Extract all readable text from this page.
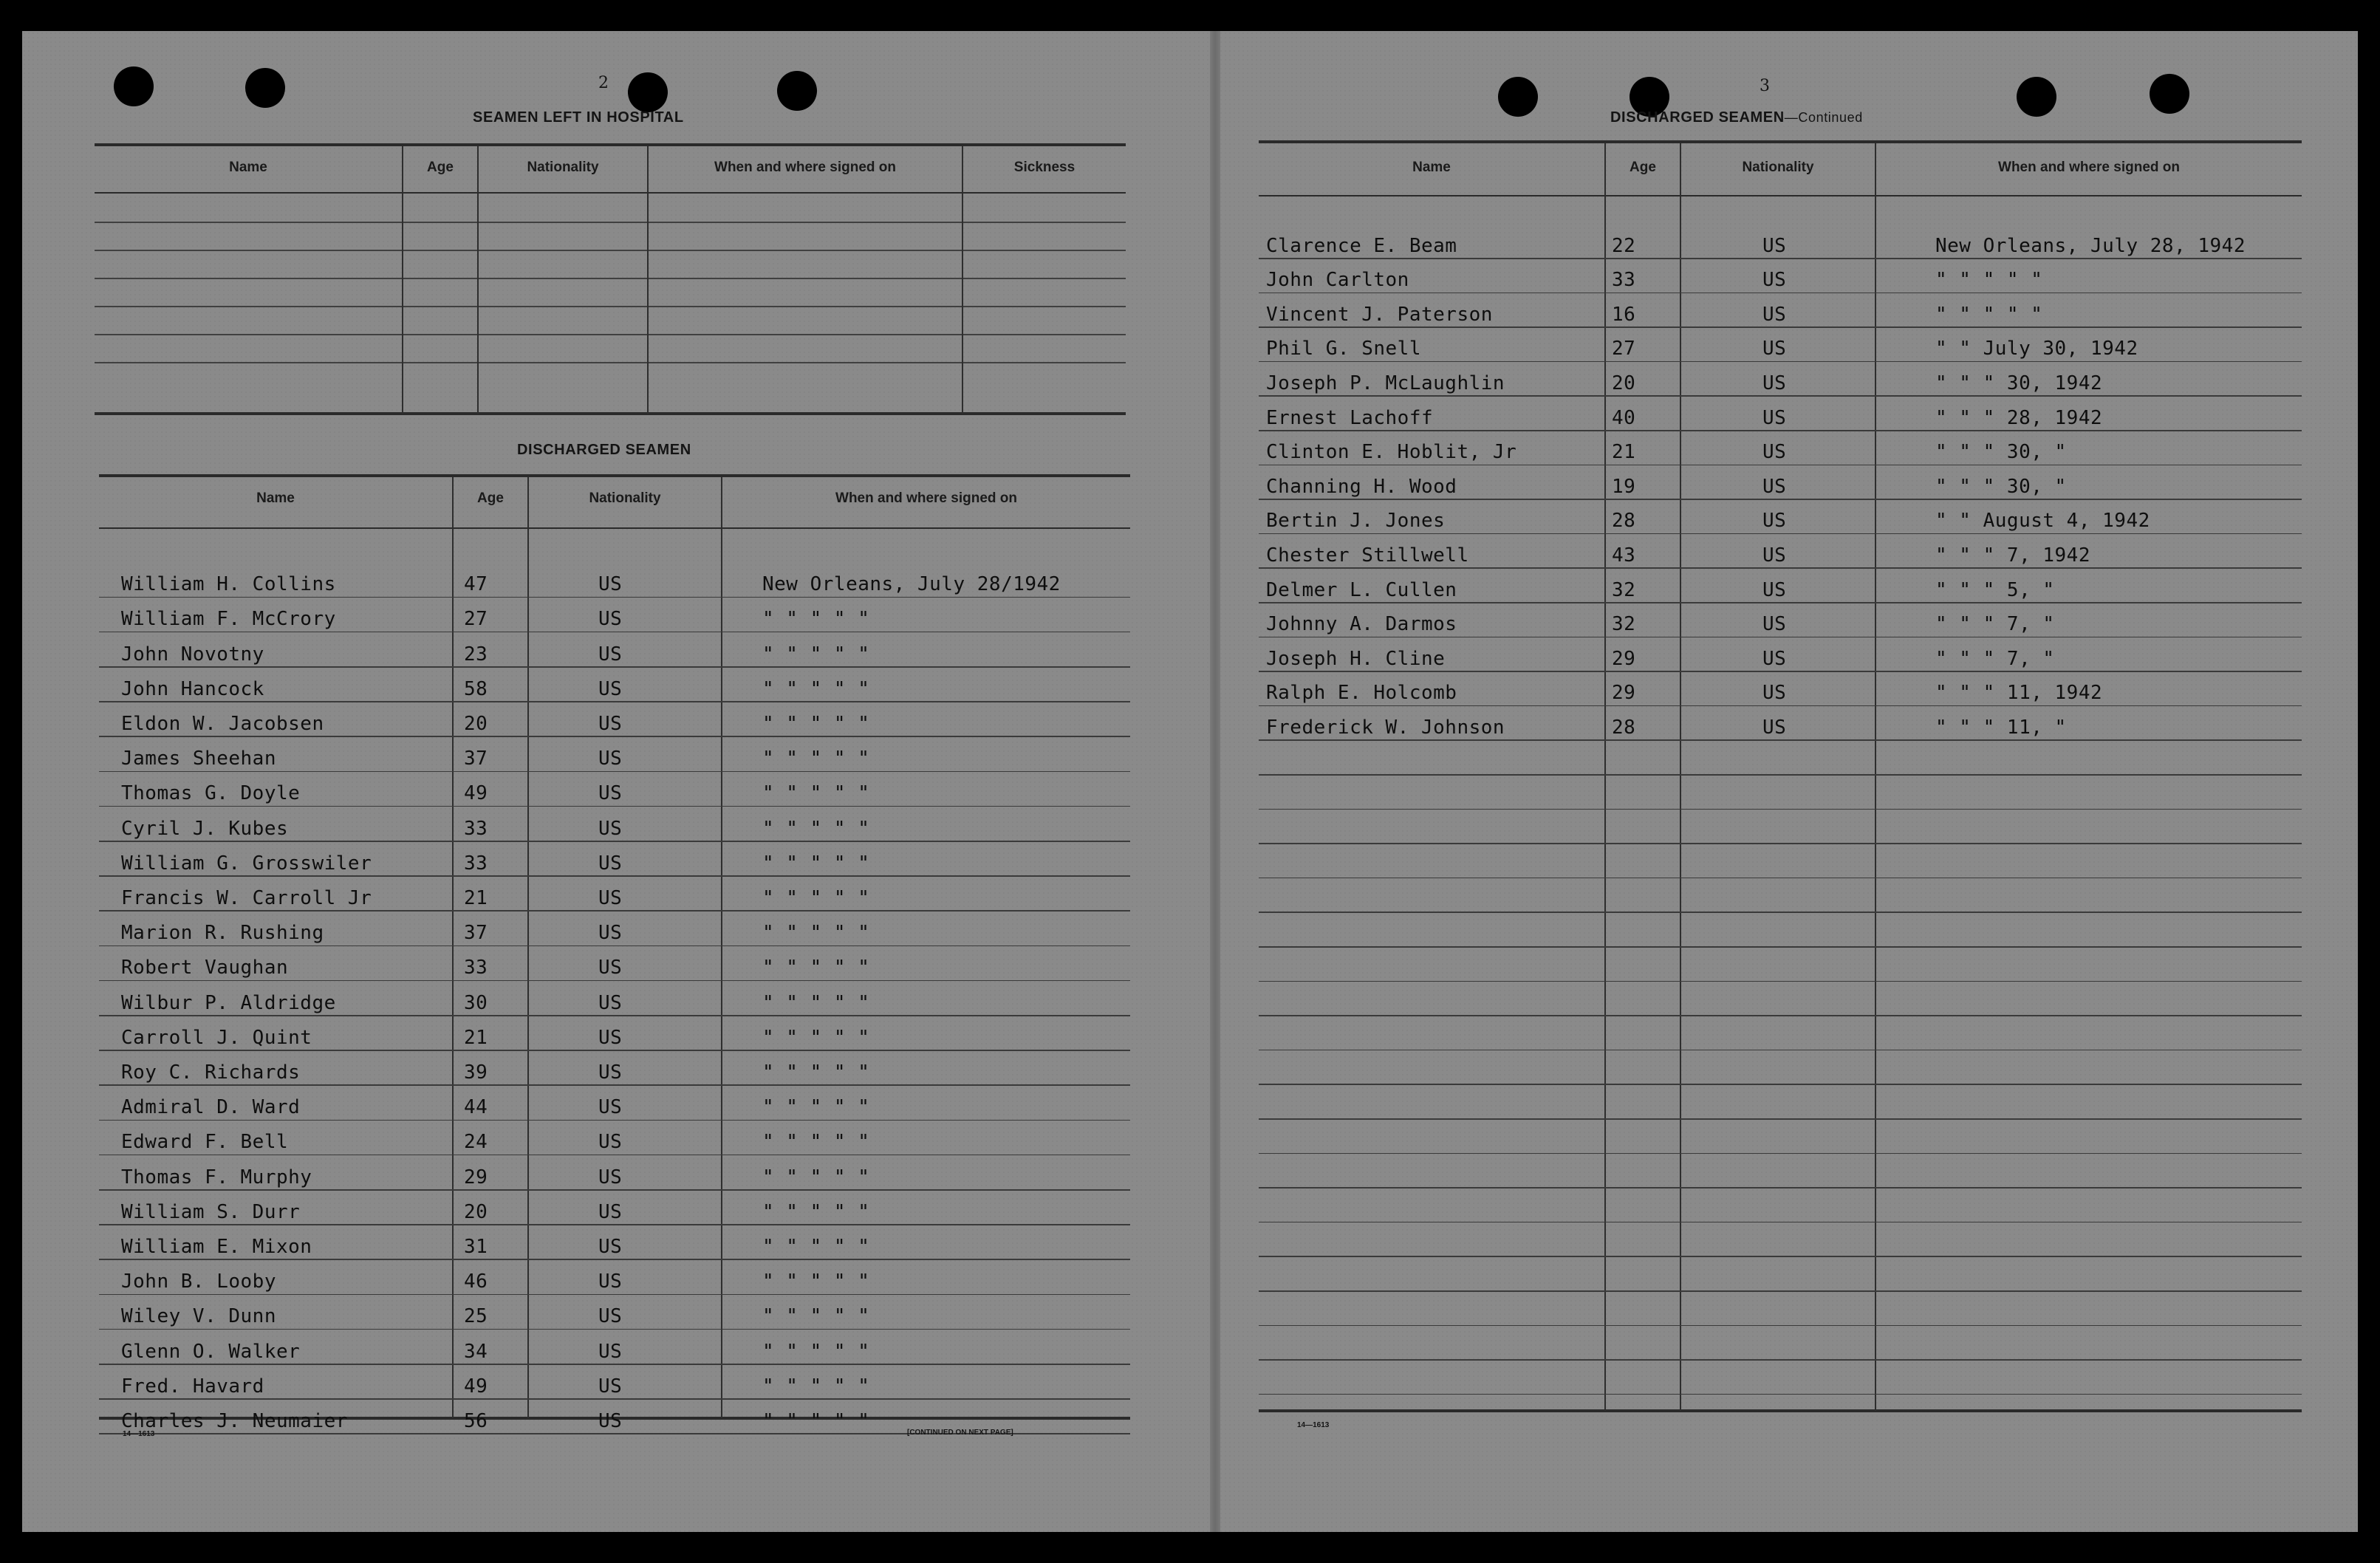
2
SEAMEN LEFT IN HOSPITAL
Name	Age	Nationality	When and where signed on	Sickness
DISCHARGED SEAMEN
Name	Age	Nationality	When and where signed on
William H. Collins	47	US	New Orleans, July 28/1942
William F. McCrory	27	US	" " " " "
John Novotny	23	US	" " " " "
John Hancock	58	US	" " " " "
Eldon W. Jacobsen	20	US	" " " " "
James Sheehan	37	US	" " " " "
Thomas G. Doyle	49	US	" " " " "
Cyril J. Kubes	33	US	" " " " "
William G. Grosswiler	33	US	" " " " "
Francis W. Carroll Jr	21	US	" " " " "
Marion R. Rushing	37	US	" " " " "
Robert Vaughan	33	US	" " " " "
Wilbur P. Aldridge	30	US	" " " " "
Carroll J. Quint	21	US	" " " " "
Roy C. Richards	39	US	" " " " "
Admiral D. Ward	44	US	" " " " "
Edward F. Bell	24	US	" " " " "
Thomas F. Murphy	29	US	" " " " "
William S. Durr	20	US	" " " " "
William E. Mixon	31	US	" " " " "
John B. Looby	46	US	" " " " "
Wiley V. Dunn	25	US	" " " " "
Glenn O. Walker	34	US	" " " " "
Fred. Havard	49	US	" " " " "
Charles J. Neumaier	56	US	" " " " "
14—1613	[CONTINUED ON NEXT PAGE]
3
DISCHARGED SEAMEN—Continued
Name	Age	Nationality	When and where signed on
Clarence E. Beam	22	US	New Orleans, July 28, 1942
John Carlton	33	US	" " " " "
Vincent J. Paterson	16	US	" " " " "
Phil G. Snell	27	US	" " July 30, 1942
Joseph P. McLaughlin	20	US	" " " 30, 1942
Ernest Lachoff	40	US	" " " 28, 1942
Clinton E. Hoblit, Jr	21	US	" " " 30, "
Channing H. Wood	19	US	" " " 30, "
Bertin J. Jones	28	US	" " August 4, 1942
Chester Stillwell	43	US	" " " 7, 1942
Delmer L. Cullen	32	US	" " " 5, "
Johnny A. Darmos	32	US	" " " 7, "
Joseph H. Cline	29	US	" " " 7, "
Ralph E. Holcomb	29	US	" " " 11, 1942
Frederick W. Johnson	28	US	" " " 11, "
14—1613
